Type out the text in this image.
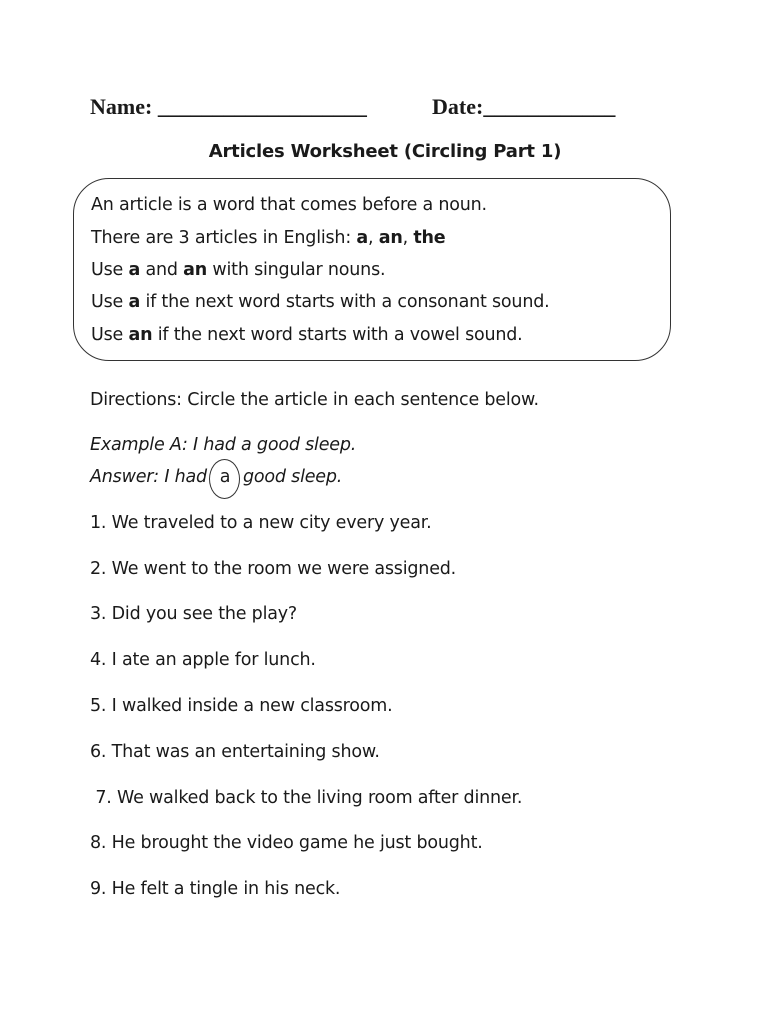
Name: ___________________	Date:____________
Articles Worksheet (Circling Part 1)
An article is a word that comes before a noun.
There are 3 articles in English: a, an, the
Use a and an with singular nouns.
Use a if the next word starts with a consonant sound.
Use an if the next word starts with a vowel sound.
Directions: Circle the article in each sentence below.
Example A: I had a good sleep.
Answer: I had a good sleep.
1. We traveled to a new city every year.
2. We went to the room we were assigned.
3. Did you see the play?
4. I ate an apple for lunch.
5. I walked inside a new classroom.
6. That was an entertaining show.
7. We walked back to the living room after dinner.
8. He brought the video game he just bought.
9. He felt a tingle in his neck.
